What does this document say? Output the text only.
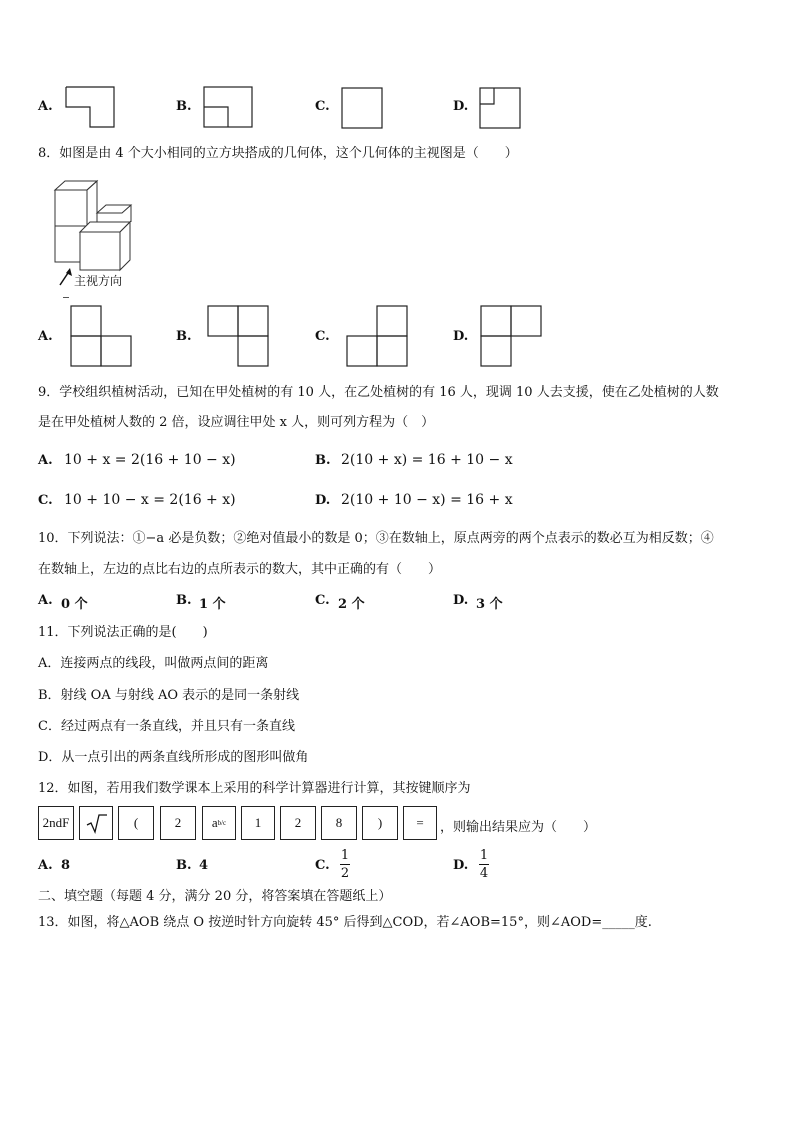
A.	B.	C.	D.
8．如图是由 4 个大小相同的立方块搭成的几何体，这个几何体的主视图是（　　）
主视方向
A.	B.	C.	D.
9．学校组织植树活动，已知在甲处植树的有 10 人，在乙处植树的有 16 人，现调 10 人去支援，使在乙处植树的人数
是在甲处植树人数的 2 倍，设应调往甲处 x 人，则可列方程为（　）
A. 10 + x = 2(16 + 10 − x)	B. 2(10 + x) = 16 + 10 − x
C. 10 + 10 − x = 2(16 + x)	D. 2(10 + 10 − x) = 16 + x
10．下列说法：①−a 必是负数；②绝对值最小的数是 0；③在数轴上，原点两旁的两个点表示的数必互为相反数；④
在数轴上，左边的点比右边的点所表示的数大，其中正确的有（　　）
A. 0 个	B. 1 个	C. 2 个	D. 3 个
11．下列说法正确的是(　　)
A．连接两点的线段，叫做两点间的距离
B．射线 OA 与射线 AO 表示的是同一条射线
C．经过两点有一条直线，并且只有一条直线
D．从一点引出的两条直线所形成的图形叫做角
12．如图，若用我们数学课本上采用的科学计算器进行计算，其按键顺序为
2ndF	(	2	a b/c	1	2	8	)	=	，则输出结果应为（　　）
A. 8	B. 4	C.
1
2
D.
1
4
二、填空题（每题 4 分，满分 20 分，将答案填在答题纸上）
13．如图，将△AOB 绕点 O 按逆时针方向旋转 45° 后得到△COD，若∠AOB=15°，则∠AOD=_____度.
